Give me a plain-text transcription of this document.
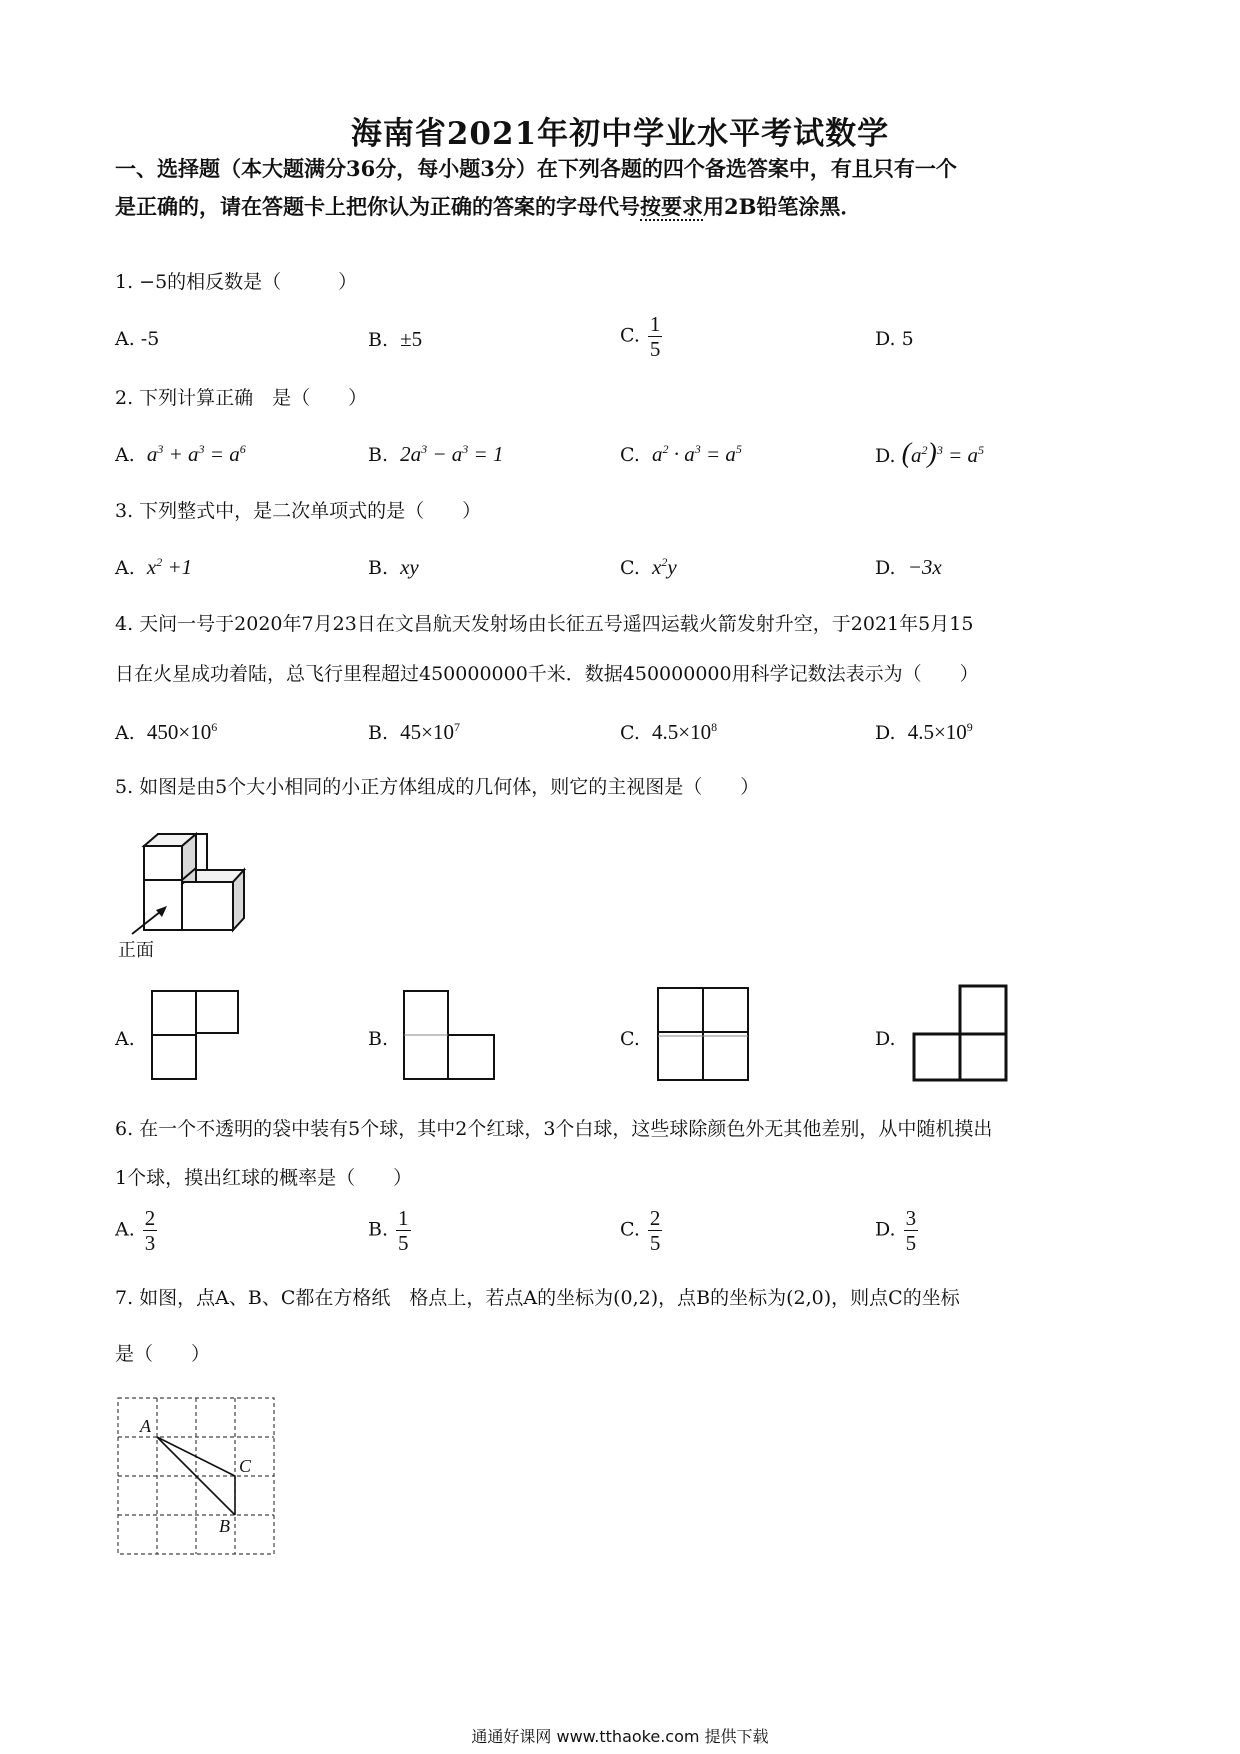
海南省2021年初中学业水平考试数学
一、选择题（本大题满分36分，每小题3分）在下列各题的四个备选答案中，有且只有一个
是正确的，请在答题卡上把你认为正确的答案的字母代号按要求用2B铅笔涂黑．
1. −5的相反数是（　　　）
A. -5	B. ±5	C. $\frac{1}{5}$	D. 5
2. 下列计算正确　是（　　）
A. $a^3 + a^3 = a^6$	B. $2a^3 - a^3 = 1$	C. $a^2 \cdot a^3 = a^5$	D. $(a^2)^3 = a^5$
3. 下列整式中，是二次单项式的是（　　）
A. $x^2 +1$	B. xy	C. $x^2y$	D. −3x
4. 天问一号于2020年7月23日在文昌航天发射场由长征五号遥四运载火箭发射升空，于2021年5月15
日在火星成功着陆，总飞行里程超过450000000千米．数据450000000用科学记数法表示为（　　）
A. $450\times 10^6$	B. $45\times 10^7$	C. $4.5\times 10^8$	D. $4.5\times 10^9$
5. 如图是由5个大小相同的小正方体组成的几何体，则它的主视图是（　　）
正面
A.	B.	C.	D.
6. 在一个不透明的袋中装有5个球，其中2个红球，3个白球，这些球除颜色外无其他差别，从中随机摸出
1个球，摸出红球的概率是（　　）
A. $\frac{2}{3}$	B. $\frac{1}{5}$	C. $\frac{2}{5}$	D. $\frac{3}{5}$
7. 如图，点A、B、C都在方格纸　格点上，若点A的坐标为(0,2)，点B的坐标为(2,0)，则点C的坐标
是（　　）
A
C
B
通通好课网 www.tthaoke.com 提供下载
